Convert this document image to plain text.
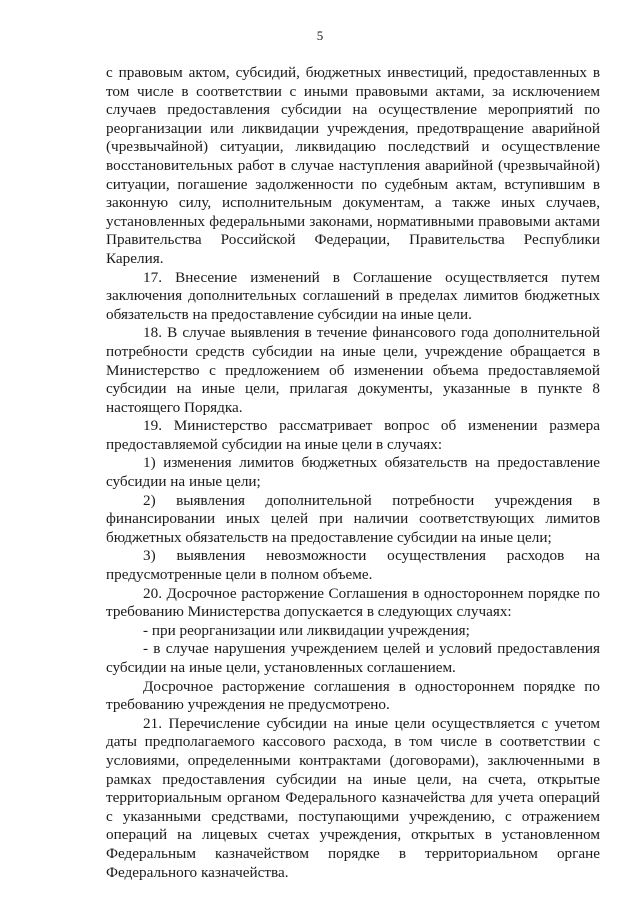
5

с правовым актом, субсидий, бюджетных инвестиций, предоставленных в том числе в соответствии с иными правовыми актами, за исключением случаев предоставления субсидии на осуществление мероприятий по реорганизации или ликвидации учреждения, предотвращение аварийной (чрезвычайной) ситуации, ликвидацию последствий и осуществление восстановительных работ в случае наступления аварийной (чрезвычайной) ситуации, погашение задолженности по судебным актам, вступившим в законную силу, исполнительным документам, а также иных случаев, установленных федеральными законами, нормативными правовыми актами Правительства Российской Федерации, Правительства Республики Карелия.

17. Внесение изменений в Соглашение осуществляется путем заключения дополнительных соглашений в пределах лимитов бюджетных обязательств на предоставление субсидии на иные цели.

18. В случае выявления в течение финансового года дополнительной потребности средств субсидии на иные цели, учреждение обращается в Министерство с предложением об изменении объема предоставляемой субсидии на иные цели, прилагая документы, указанные в пункте 8 настоящего Порядка.

19. Министерство рассматривает вопрос об изменении размера предоставляемой субсидии на иные цели в случаях:

1) изменения лимитов бюджетных обязательств на предоставление субсидии на иные цели;

2) выявления дополнительной потребности учреждения в финансировании иных целей при наличии соответствующих лимитов бюджетных обязательств на предоставление субсидии на иные цели;

3) выявления невозможности осуществления расходов на предусмотренные цели в полном объеме.

20. Досрочное расторжение Соглашения в одностороннем порядке по требованию Министерства допускается в следующих случаях:

- при реорганизации или ликвидации учреждения;

- в случае нарушения учреждением целей и условий предоставления субсидии на иные цели, установленных соглашением.

Досрочное расторжение соглашения в одностороннем порядке по требованию учреждения не предусмотрено.

21. Перечисление субсидии на иные цели осуществляется с учетом даты предполагаемого кассового расхода, в том числе в соответствии с условиями, определенными контрактами (договорами), заключенными в рамках предоставления субсидии на иные цели, на счета, открытые территориальным органом Федерального казначейства для учета операций с указанными средствами, поступающими учреждению, с отражением операций на лицевых счетах учреждения, открытых в установленном Федеральным казначейством порядке в территориальном органе Федерального казначейства.
